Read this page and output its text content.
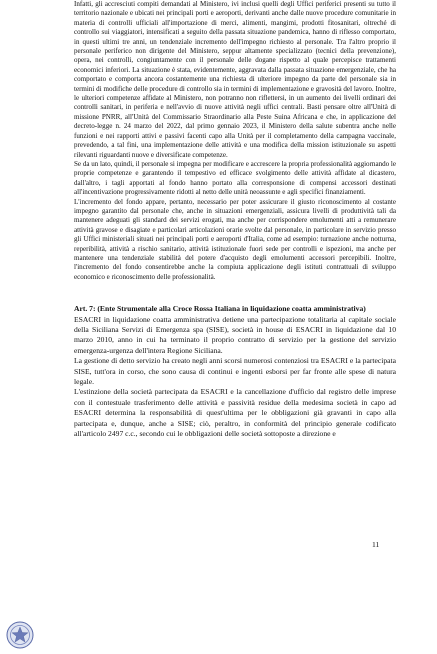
Infatti, gli accresciuti compiti demandati al Ministero, ivi inclusi quelli degli Uffici periferici presenti su tutto il territorio nazionale e ubicati nei principali porti e aeroporti, derivanti anche dalle nuove procedure comunitarie in materia di controlli ufficiali all'importazione di merci, alimenti, mangimi, prodotti fitosanitari, oltreché di controllo sui viaggiatori, intensificati a seguito della passata situazione pandemica, hanno di riflesso comportato, in questi ultimi tre anni, un tendenziale incremento dell'impegno richiesto al personale. Tra l'altro proprio il personale periferico non dirigente del Ministero, seppur altamente specializzato (tecnici della prevenzione), opera, nei controlli, congiuntamente con il personale delle dogane rispetto al quale percepisce trattamenti economici inferiori. La situazione è stata, evidentemente, aggravata dalla passata situazione emergenziale, che ha comportato e comporta ancora costantemente una richiesta di ulteriore impegno da parte del personale sia in termini di modifiche delle procedure di controllo sia in termini di implementazione e gravosità del lavoro. Inoltre, le ulteriori competenze affidate al Ministero, non potranno non riflettersi, in un aumento dei livelli ordinari dei controlli sanitari, in periferia e nell'avvio di nuove attività negli uffici centrali. Basti pensare oltre all'Unità di missione PNRR, all'Unità del Commissario Straordinario alla Peste Suina Africana e che, in applicazione del decreto-legge n. 24 marzo del 2022, dal primo gennaio 2023, il Ministero della salute subentra anche nelle funzioni e nei rapporti attivi e passivi facenti capo alla Unità per il completamento della campagna vaccinale, prevedendo, a tal fini, una implementazione delle attività e una modifica della mission istituzionale su aspetti rilevanti riguardanti nuove e diversificate competenze.

Se da un lato, quindi, il personale si impegna per modificare e accrescere la propria professionalità aggiornando le proprie competenze e garantendo il tempestivo ed efficace svolgimento delle attività affidate al dicastero, dall'altro, i tagli apportati al fondo hanno portato alla corresponsione di compensi accessori destinati all'incentivazione progressivamente ridotti al netto delle unità neoassunte e agli specifici finanziamenti.

L'incremento del fondo appare, pertanto, necessario per poter assicurare il giusto riconoscimento al costante impegno garantito dal personale che, anche in situazioni emergenziali, assicura livelli di produttività tali da mantenere adeguati gli standard dei servizi erogati, ma anche per corrispondere emolumenti atti a remunerare attività gravose e disagiate e particolari articolazioni orarie svolte dal personale, in particolare in servizio presso gli Uffici ministeriali situati nei principali porti e aeroporti d'Italia, come ad esempio: turnazione anche notturna, reperibilità, attività a rischio sanitario, attività istituzionale fuori sede per controlli e ispezioni, ma anche per mantenere una tendenziale stabilità del potere d'acquisto degli emolumenti accessori percepibili. Inoltre, l'incremento del fondo consentirebbe anche la compiuta applicazione degli istituti contrattuali di sviluppo economico e riconoscimento delle professionalità.

Art. 7: (Ente Strumentale alla Croce Rossa Italiana in liquidazione coatta amministrativa)

ESACRI in liquidazione coatta amministrativa detiene una partecipazione totalitaria al capitale sociale della Siciliana Servizi di Emergenza spa (SISE), società in house di ESACRI in liquidazione dal 10 marzo 2010, anno in cui ha terminato il proprio contratto di servizio per la gestione del servizio emergenza-urgenza dell'intera Regione Siciliana.

La gestione di detto servizio ha creato negli anni scorsi numerosi contenziosi tra ESACRI e la partecipata SISE, tutt'ora in corso, che sono causa di continui e ingenti esborsi per far fronte alle spese di natura legale.

L'estinzione della società partecipata da ESACRI e la cancellazione d'ufficio dal registro delle imprese con il contestuale trasferimento delle attività e passività residue della medesima società in capo ad ESACRI determina la responsabilità di quest'ultima per le obbligazioni già gravanti in capo alla partecipata e, dunque, anche a SISE; ciò, peraltro, in conformità del principio generale codificato all'articolo 2497 c.c., secondo cui le obbligazioni delle società sottoposte a direzione e

11
